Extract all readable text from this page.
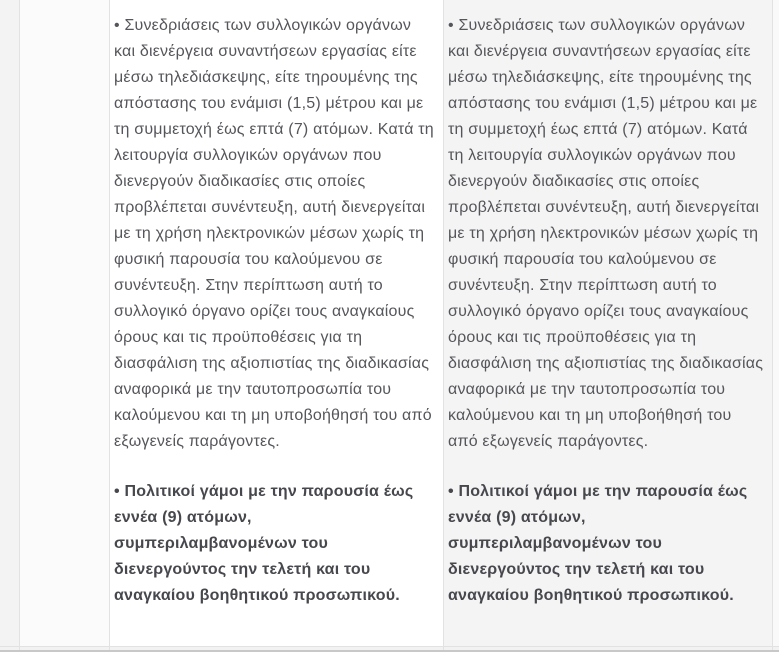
• Συνεδριάσεις των συλλογικών οργάνων και διενέργεια συναντήσεων εργασίας είτε μέσω τηλεδιάσκεψης, είτε τηρουμένης της απόστασης του ενάμισι (1,5) μέτρου και με τη συμμετοχή έως επτά (7) ατόμων. Κατά τη λειτουργία συλλογικών οργάνων που διενεργούν διαδικασίες στις οποίες προβλέπεται συνέντευξη, αυτή διενεργείται με τη χρήση ηλεκτρονικών μέσων χωρίς τη φυσική παρουσία του καλούμενου σε συνέντευξη. Στην περίπτωση αυτή το συλλογικό όργανο ορίζει τους αναγκαίους όρους και τις προϋποθέσεις για τη διασφάλιση της αξιοπιστίας της διαδικασίας αναφορικά με την ταυτοπροσωπία του καλούμενου και τη μη υποβοήθησή του από εξωγενείς παράγοντες.

• Πολιτικοί γάμοι με την παρουσία έως εννέα (9) ατόμων, συμπεριλαμβανομένων του διενεργούντος την τελετή και του αναγκαίου βοηθητικού προσωπικού.

• Συνεδριάσεις των συλλογικών οργάνων και διενέργεια συναντήσεων εργασίας είτε μέσω τηλεδιάσκεψης, είτε τηρουμένης της απόστασης του ενάμισι (1,5) μέτρου και με τη συμμετοχή έως επτά (7) ατόμων. Κατά τη λειτουργία συλλογικών οργάνων που διενεργούν διαδικασίες στις οποίες προβλέπεται συνέντευξη, αυτή διενεργείται με τη χρήση ηλεκτρονικών μέσων χωρίς τη φυσική παρουσία του καλούμενου σε συνέντευξη. Στην περίπτωση αυτή το συλλογικό όργανο ορίζει τους αναγκαίους όρους και τις προϋποθέσεις για τη διασφάλιση της αξιοπιστίας της διαδικασίας αναφορικά με την ταυτοπροσωπία του καλούμενου και τη μη υποβοήθησή του από εξωγενείς παράγοντες.

• Πολιτικοί γάμοι με την παρουσία έως εννέα (9) ατόμων, συμπεριλαμβανομένων του διενεργούντος την τελετή και του αναγκαίου βοηθητικού προσωπικού.
